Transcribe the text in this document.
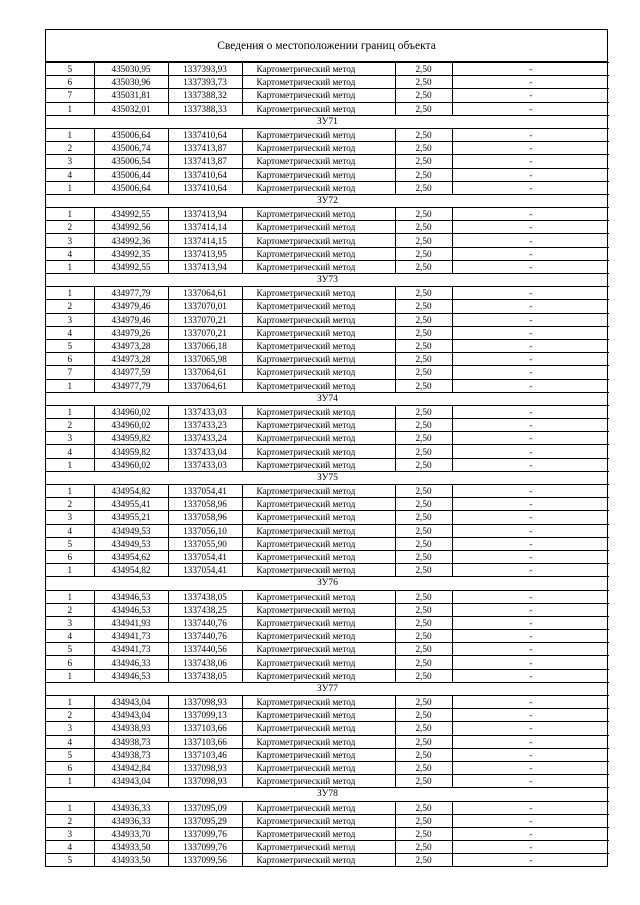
Сведения о местоположении границ объекта
5	435030,95	1337393,93	Картометрический метод	2,50	-
6	435030,96	1337393,73	Картометрический метод	2,50	-
7	435031,81	1337388,32	Картометрический метод	2,50	-
1	435032,01	1337388,33	Картометрический метод	2,50	-
ЗУ71					
1	435006,64	1337410,64	Картометрический метод	2,50	-
2	435006,74	1337413,87	Картометрический метод	2,50	-
3	435006,54	1337413,87	Картометрический метод	2,50	-
4	435006,44	1337410,64	Картометрический метод	2,50	-
1	435006,64	1337410,64	Картометрический метод	2,50	-
ЗУ72					
1	434992,55	1337413,94	Картометрический метод	2,50	-
2	434992,56	1337414,14	Картометрический метод	2,50	-
3	434992,36	1337414,15	Картометрический метод	2,50	-
4	434992,35	1337413,95	Картометрический метод	2,50	-
1	434992,55	1337413,94	Картометрический метод	2,50	-
ЗУ73					
1	434977,79	1337064,61	Картометрический метод	2,50	-
2	434979,46	1337070,01	Картометрический метод	2,50	-
3	434979,46	1337070,21	Картометрический метод	2,50	-
4	434979,26	1337070,21	Картометрический метод	2,50	-
5	434973,28	1337066,18	Картометрический метод	2,50	-
6	434973,28	1337065,98	Картометрический метод	2,50	-
7	434977,59	1337064,61	Картометрический метод	2,50	-
1	434977,79	1337064,61	Картометрический метод	2,50	-
ЗУ74					
1	434960,02	1337433,03	Картометрический метод	2,50	-
2	434960,02	1337433,23	Картометрический метод	2,50	-
3	434959,82	1337433,24	Картометрический метод	2,50	-
4	434959,82	1337433,04	Картометрический метод	2,50	-
1	434960,02	1337433,03	Картометрический метод	2,50	-
ЗУ75					
1	434954,82	1337054,41	Картометрический метод	2,50	-
2	434955,41	1337058,96	Картометрический метод	2,50	-
3	434955,21	1337058,96	Картометрический метод	2,50	-
4	434949,53	1337056,10	Картометрический метод	2,50	-
5	434949,53	1337055,90	Картометрический метод	2,50	-
6	434954,62	1337054,41	Картометрический метод	2,50	-
1	434954,82	1337054,41	Картометрический метод	2,50	-
ЗУ76					
1	434946,53	1337438,05	Картометрический метод	2,50	-
2	434946,53	1337438,25	Картометрический метод	2,50	-
3	434941,93	1337440,76	Картометрический метод	2,50	-
4	434941,73	1337440,76	Картометрический метод	2,50	-
5	434941,73	1337440,56	Картометрический метод	2,50	-
6	434946,33	1337438,06	Картометрический метод	2,50	-
1	434946,53	1337438,05	Картометрический метод	2,50	-
ЗУ77					
1	434943,04	1337098,93	Картометрический метод	2,50	-
2	434943,04	1337099,13	Картометрический метод	2,50	-
3	434938,93	1337103,66	Картометрический метод	2,50	-
4	434938,73	1337103,66	Картометрический метод	2,50	-
5	434938,73	1337103,46	Картометрический метод	2,50	-
6	434942,84	1337098,93	Картометрический метод	2,50	-
1	434943,04	1337098,93	Картометрический метод	2,50	-
ЗУ78					
1	434936,33	1337095,09	Картометрический метод	2,50	-
2	434936,33	1337095,29	Картометрический метод	2,50	-
3	434933,70	1337099,76	Картометрический метод	2,50	-
4	434933,50	1337099,76	Картометрический метод	2,50	-
5	434933,50	1337099,56	Картометрический метод	2,50	-
